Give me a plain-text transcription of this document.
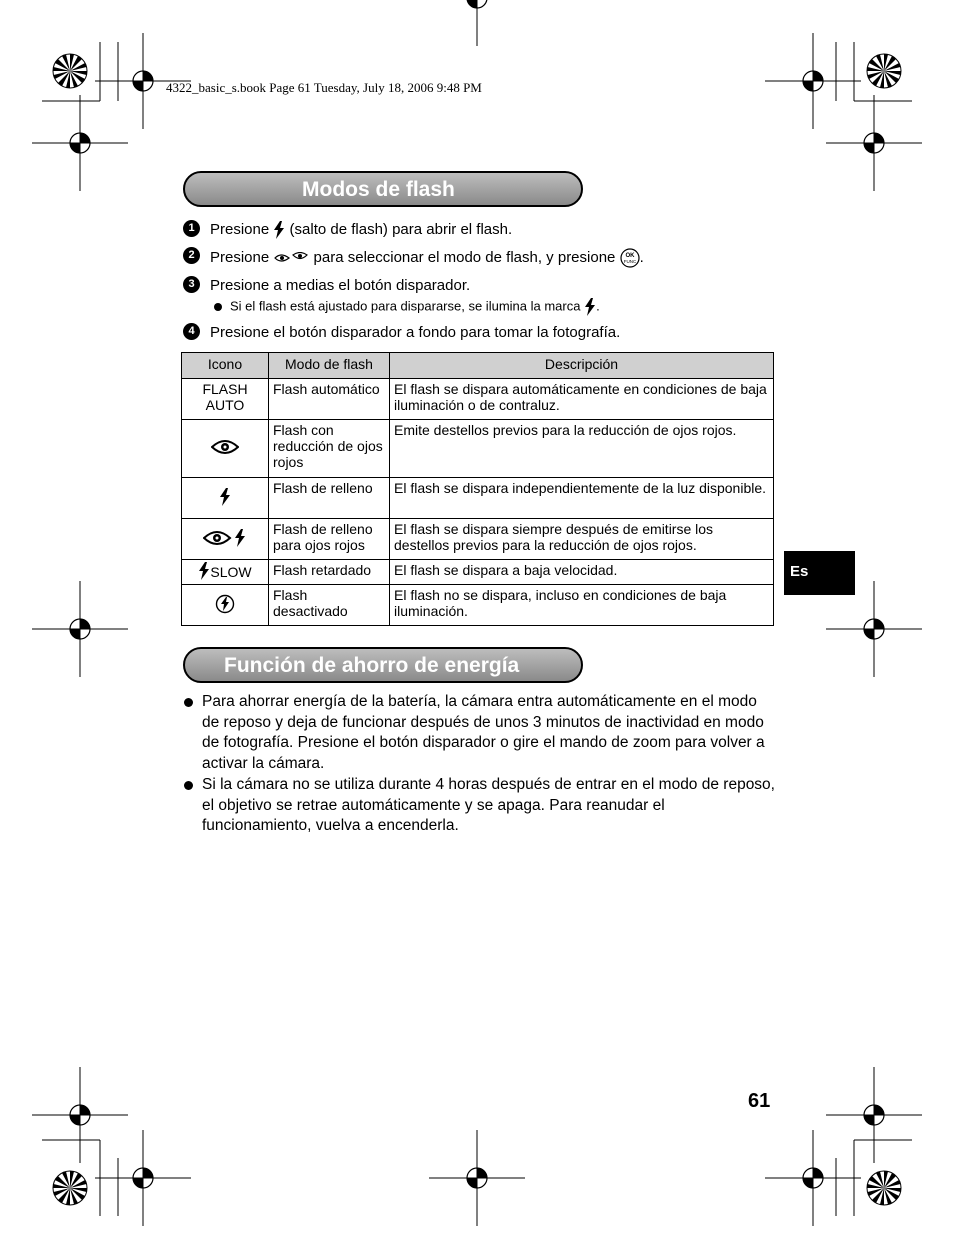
4322_basic_s.book Page 61 Tuesday, July 18, 2006 9:48 PM
Modos de flash
1	Presione (salto de flash) para abrir el flash.
2	Presione	para seleccionar el modo de flash, y presione OK
FUNC .
3	Presione a medias el botón disparador.
Si el flash está ajustado para dispararse, se ilumina la marca .
4	Presione el botón disparador a fondo para tomar la fotografía.
Icono	Modo de flash	Descripción
FLASH AUTO	Flash automático	El flash se dispara automáticamente en condiciones de baja iluminación o de contraluz.
	Flash con reducción de ojos rojos	Emite destellos previos para la reducción de ojos rojos.
	Flash de relleno	El flash se dispara independientemente de la luz disponible.
	Flash de relleno para ojos rojos	El flash se dispara siempre después de emitirse los destellos previos para la reducción de ojos rojos.
SLOW	Flash retardado	El flash se dispara a baja velocidad.
	Flash desactivado	El flash no se dispara, incluso en condiciones de baja iluminación.
Función de ahorro de energía
Para ahorrar energía de la batería, la cámara entra automáticamente en el modo de reposo y deja de funcionar después de unos 3 minutos de inactividad en modo de fotografía. Presione el botón disparador o gire el mando de zoom para volver a activar la cámara.
Si la cámara no se utiliza durante 4 horas después de entrar en el modo de reposo, el objetivo se retrae automáticamente y se apaga. Para reanudar el funcionamiento, vuelva a encenderla.
Es
61
